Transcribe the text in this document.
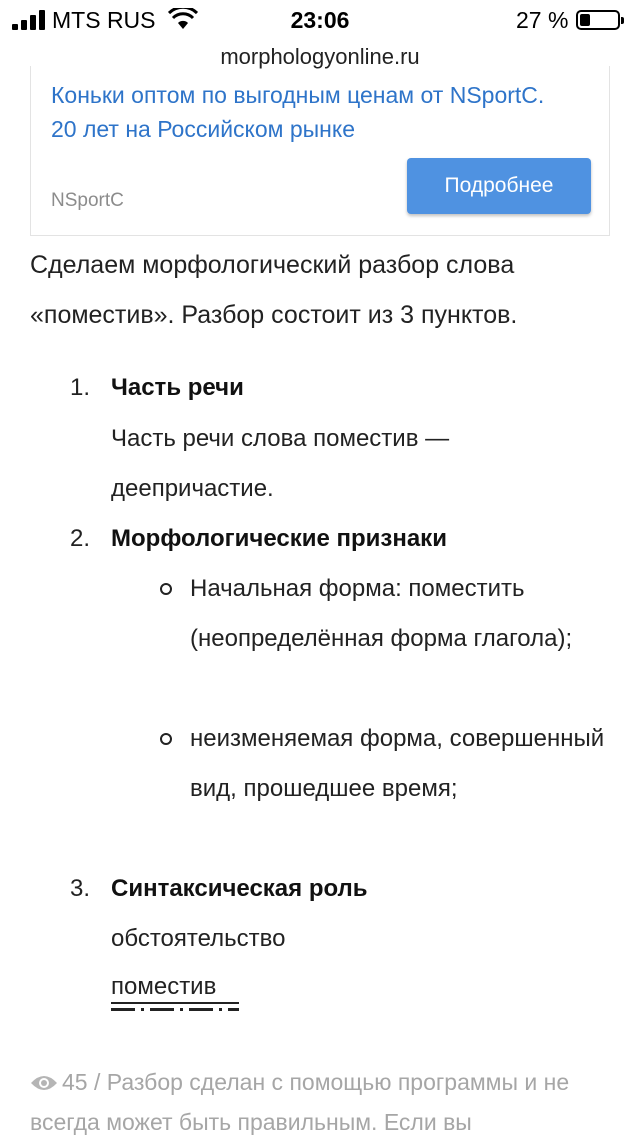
MTS RUS	23:06	27 %
morphologyonline.ru
Коньки оптом по выгодным ценам от NSportC. 20 лет на Российском рынке
NSportC
Подробнее
Сделаем морфологический разбор слова «поместив». Разбор состоит из 3 пунктов.
1. Часть речи
Часть речи слова поместив — деепричастие.
2. Морфологические признаки
Начальная форма: поместить (неопределённая форма глагола);
неизменяемая форма, совершенный вид, прошедшее время;
3. Синтаксическая роль
обстоятельство
поместив
45 / Разбор сделан с помощью программы и не всегда может быть правильным. Если вы
